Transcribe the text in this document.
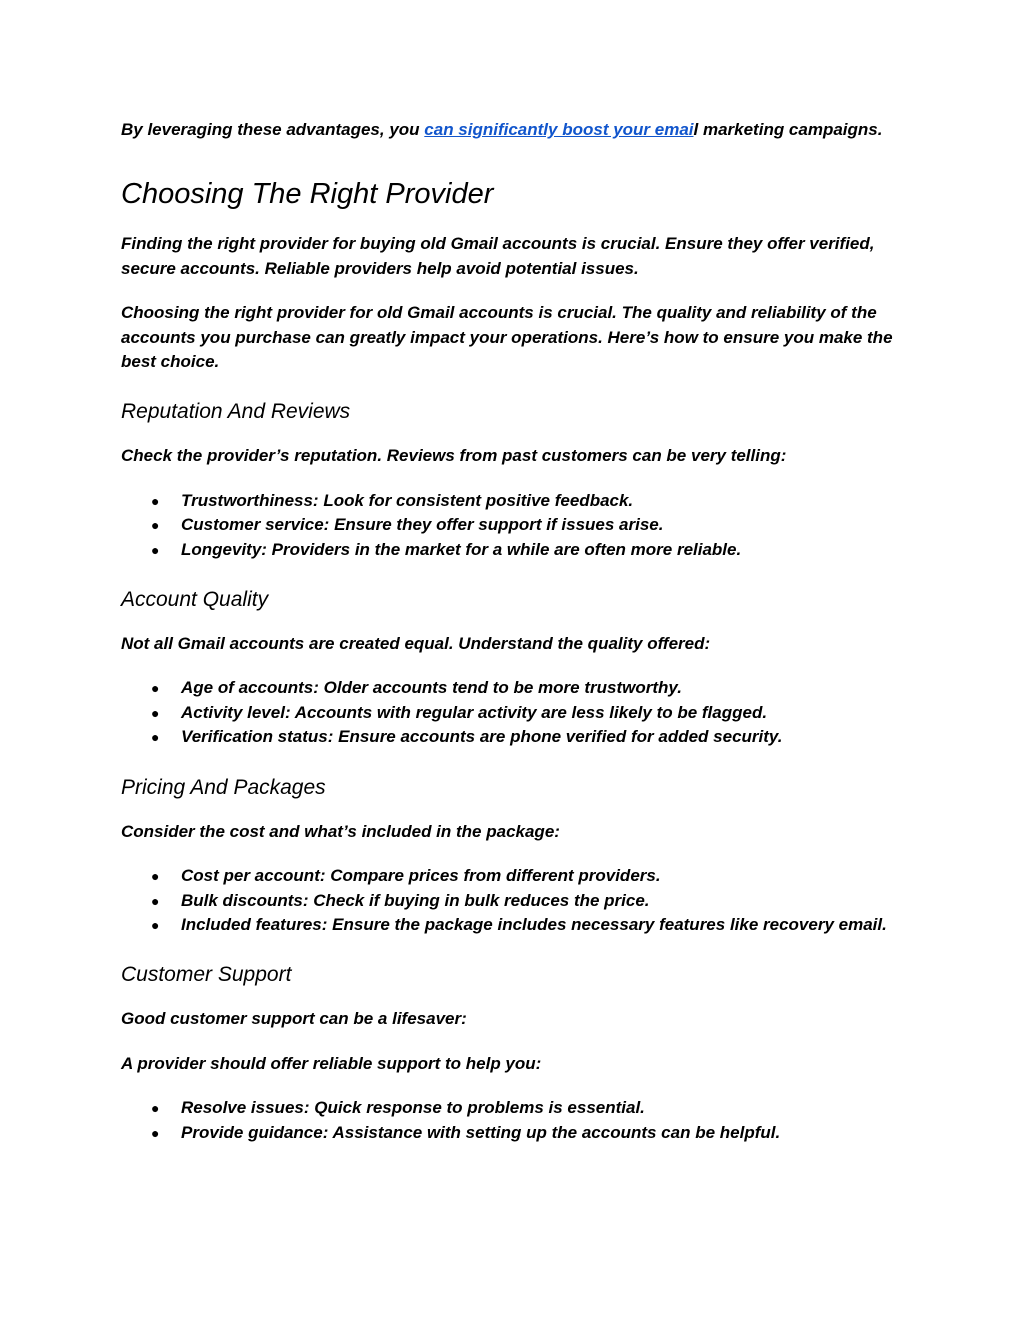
By leveraging these advantages, you can significantly boost your email marketing campaigns.

Choosing The Right Provider

Finding the right provider for buying old Gmail accounts is crucial. Ensure they offer verified, secure accounts. Reliable providers help avoid potential issues.

Choosing the right provider for old Gmail accounts is crucial. The quality and reliability of the accounts you purchase can greatly impact your operations. Here’s how to ensure you make the best choice.

Reputation And Reviews

Check the provider’s reputation. Reviews from past customers can be very telling:

● Trustworthiness: Look for consistent positive feedback.
● Customer service: Ensure they offer support if issues arise.
● Longevity: Providers in the market for a while are often more reliable.
Account Quality

Not all Gmail accounts are created equal. Understand the quality offered:

● Age of accounts: Older accounts tend to be more trustworthy.
● Activity level: Accounts with regular activity are less likely to be flagged.
● Verification status: Ensure accounts are phone verified for added security.
Pricing And Packages

Consider the cost and what’s included in the package:

● Cost per account: Compare prices from different providers.
● Bulk discounts: Check if buying in bulk reduces the price.
● Included features: Ensure the package includes necessary features like recovery email.
Customer Support

Good customer support can be a lifesaver:

A provider should offer reliable support to help you:

● Resolve issues: Quick response to problems is essential.
● Provide guidance: Assistance with setting up the accounts can be helpful.
